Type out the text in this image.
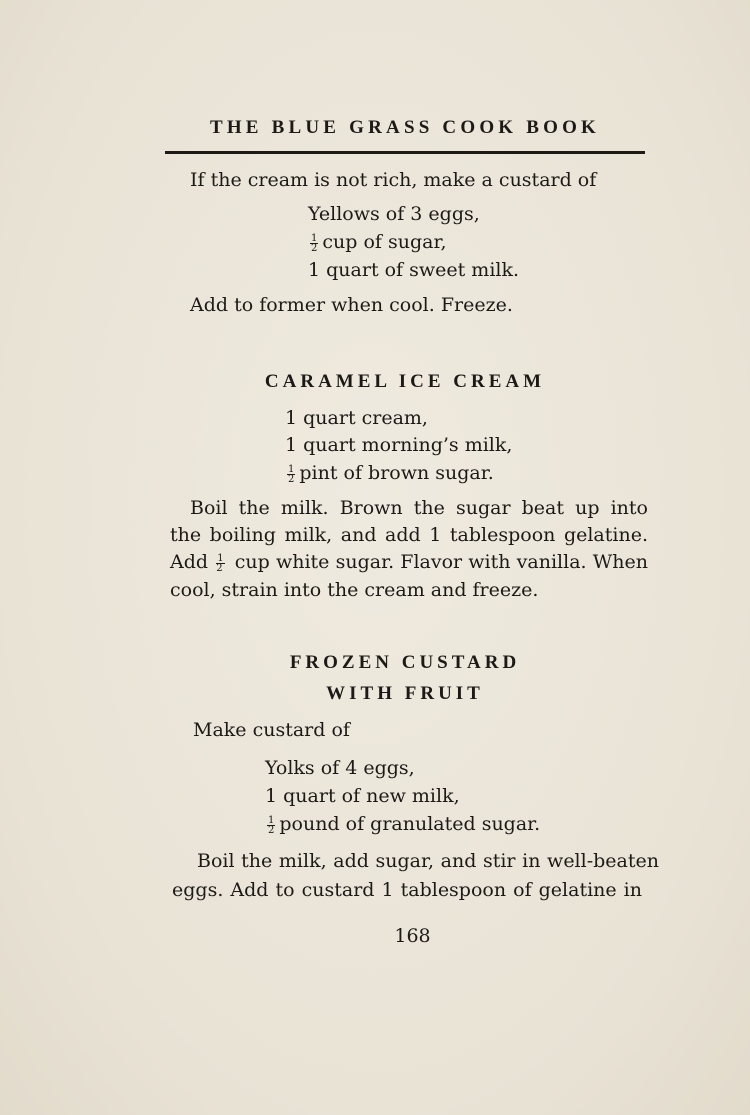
THE BLUE GRASS COOK BOOK
If the cream is not rich, make a custard of
Yellows of 3 eggs,
$\frac{1}{2}$ cup of sugar,
1 quart of sweet milk.
Add to former when cool. Freeze.
CARAMEL ICE CREAM
1 quart cream,
1 quart morning’s milk,
$\frac{1}{2}$ pint of brown sugar.
Boil the milk. Brown the sugar beat up into
the boiling milk, and add 1 tablespoon gelatine.
Add $\frac{1}{2}$ cup white sugar. Flavor with vanilla. When
cool, strain into the cream and freeze.
FROZEN CUSTARD
WITH FRUIT
Make custard of
Yolks of 4 eggs,
1 quart of new milk,
$\frac{1}{2}$ pound of granulated sugar.
Boil the milk, add sugar, and stir in well-beaten
eggs. Add to custard 1 tablespoon of gelatine in
168
